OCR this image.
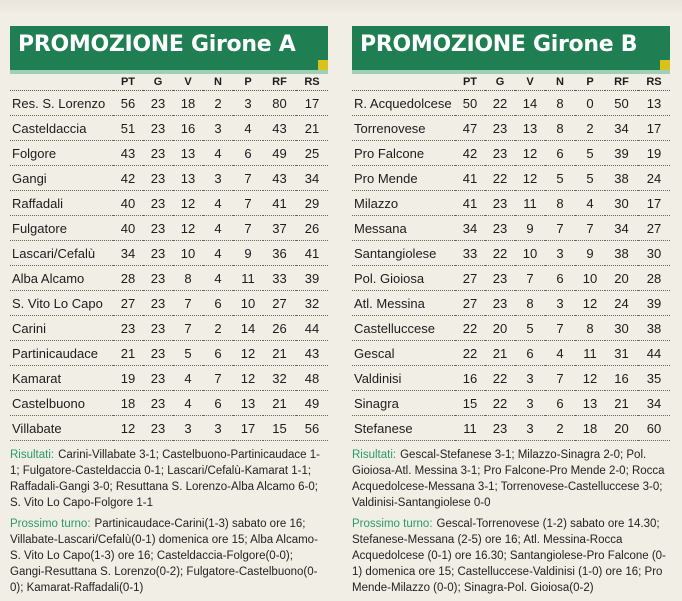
PROMOZIONE Girone A
	PT	G	V	N	P	RF	RS
Res. S. Lorenzo	56	23	18	2	3	80	17
Casteldaccia	51	23	16	3	4	43	21
Folgore	43	23	13	4	6	49	25
Gangi	42	23	13	3	7	43	34
Raffadali	40	23	12	4	7	41	29
Fulgatore	40	23	12	4	7	37	26
Lascari/Cefalù	34	23	10	4	9	36	41
Alba Alcamo	28	23	8	4	11	33	39
S. Vito Lo Capo	27	23	7	6	10	27	32
Carini	23	23	7	2	14	26	44
Partinicaudace	21	23	5	6	12	21	43
Kamarat	19	23	4	7	12	32	48
Castelbuono	18	23	4	6	13	21	49
Villabate	12	23	3	3	17	15	56

Risultati: Carini-Villabate 3-1; Castelbuono-Partinicaudace 1-1; Fulgatore-Casteldaccia 0-1; Lascari/Cefalù-Kamarat 1-1; Raffadali-Gangi 3-0; Resuttana S. Lorenzo-Alba Alcamo 6-0; S. Vito Lo Capo-Folgore 1-1

Prossimo turno: Partinicaudace-Carini(1-3) sabato ore 16; Villabate-Lascari/Cefalù(0-1) domenica ore 15; Alba Alcamo-S. Vito Lo Capo(1-3) ore 16; Casteldaccia-Folgore(0-0); Gangi-Resuttana S. Lorenzo(0-2); Fulgatore-Castelbuono(0-0); Kamarat-Raffadali(0-1)

PROMOZIONE Girone B
	PT	G	V	N	P	RF	RS
R. Acquedolcese	50	22	14	8	0	50	13
Torrenovese	47	23	13	8	2	34	17
Pro Falcone	42	23	12	6	5	39	19
Pro Mende	41	22	12	5	5	38	24
Milazzo	41	23	11	8	4	30	17
Messana	34	23	9	7	7	34	27
Santangiolese	33	22	10	3	9	38	30
Pol. Gioiosa	27	23	7	6	10	20	28
Atl. Messina	27	23	8	3	12	24	39
Castelluccese	22	20	5	7	8	30	38
Gescal	22	21	6	4	11	31	44
Valdinisi	16	22	3	7	12	16	35
Sinagra	15	22	3	6	13	21	34
Stefanese	11	23	3	2	18	20	60

Risultati: Gescal-Stefanese 3-1; Milazzo-Sinagra 2-0; Pol. Gioiosa-Atl. Messina 3-1; Pro Falcone-Pro Mende 2-0; Rocca Acquedolcese-Messana 3-1; Torrenovese-Castelluccese 3-0; Valdinisi-Santangiolese 0-0

Prossimo turno: Gescal-Torrenovese (1-2) sabato ore 14.30; Stefanese-Messana (2-5) ore 16; Atl. Messina-Rocca Acquedolcese (0-1) ore 16.30; Santangiolese-Pro Falcone (0-1) domenica ore 15; Castelluccese-Valdinisi (1-0) ore 16; Pro Mende-Milazzo (0-0); Sinagra-Pol. Gioiosa(0-2)
